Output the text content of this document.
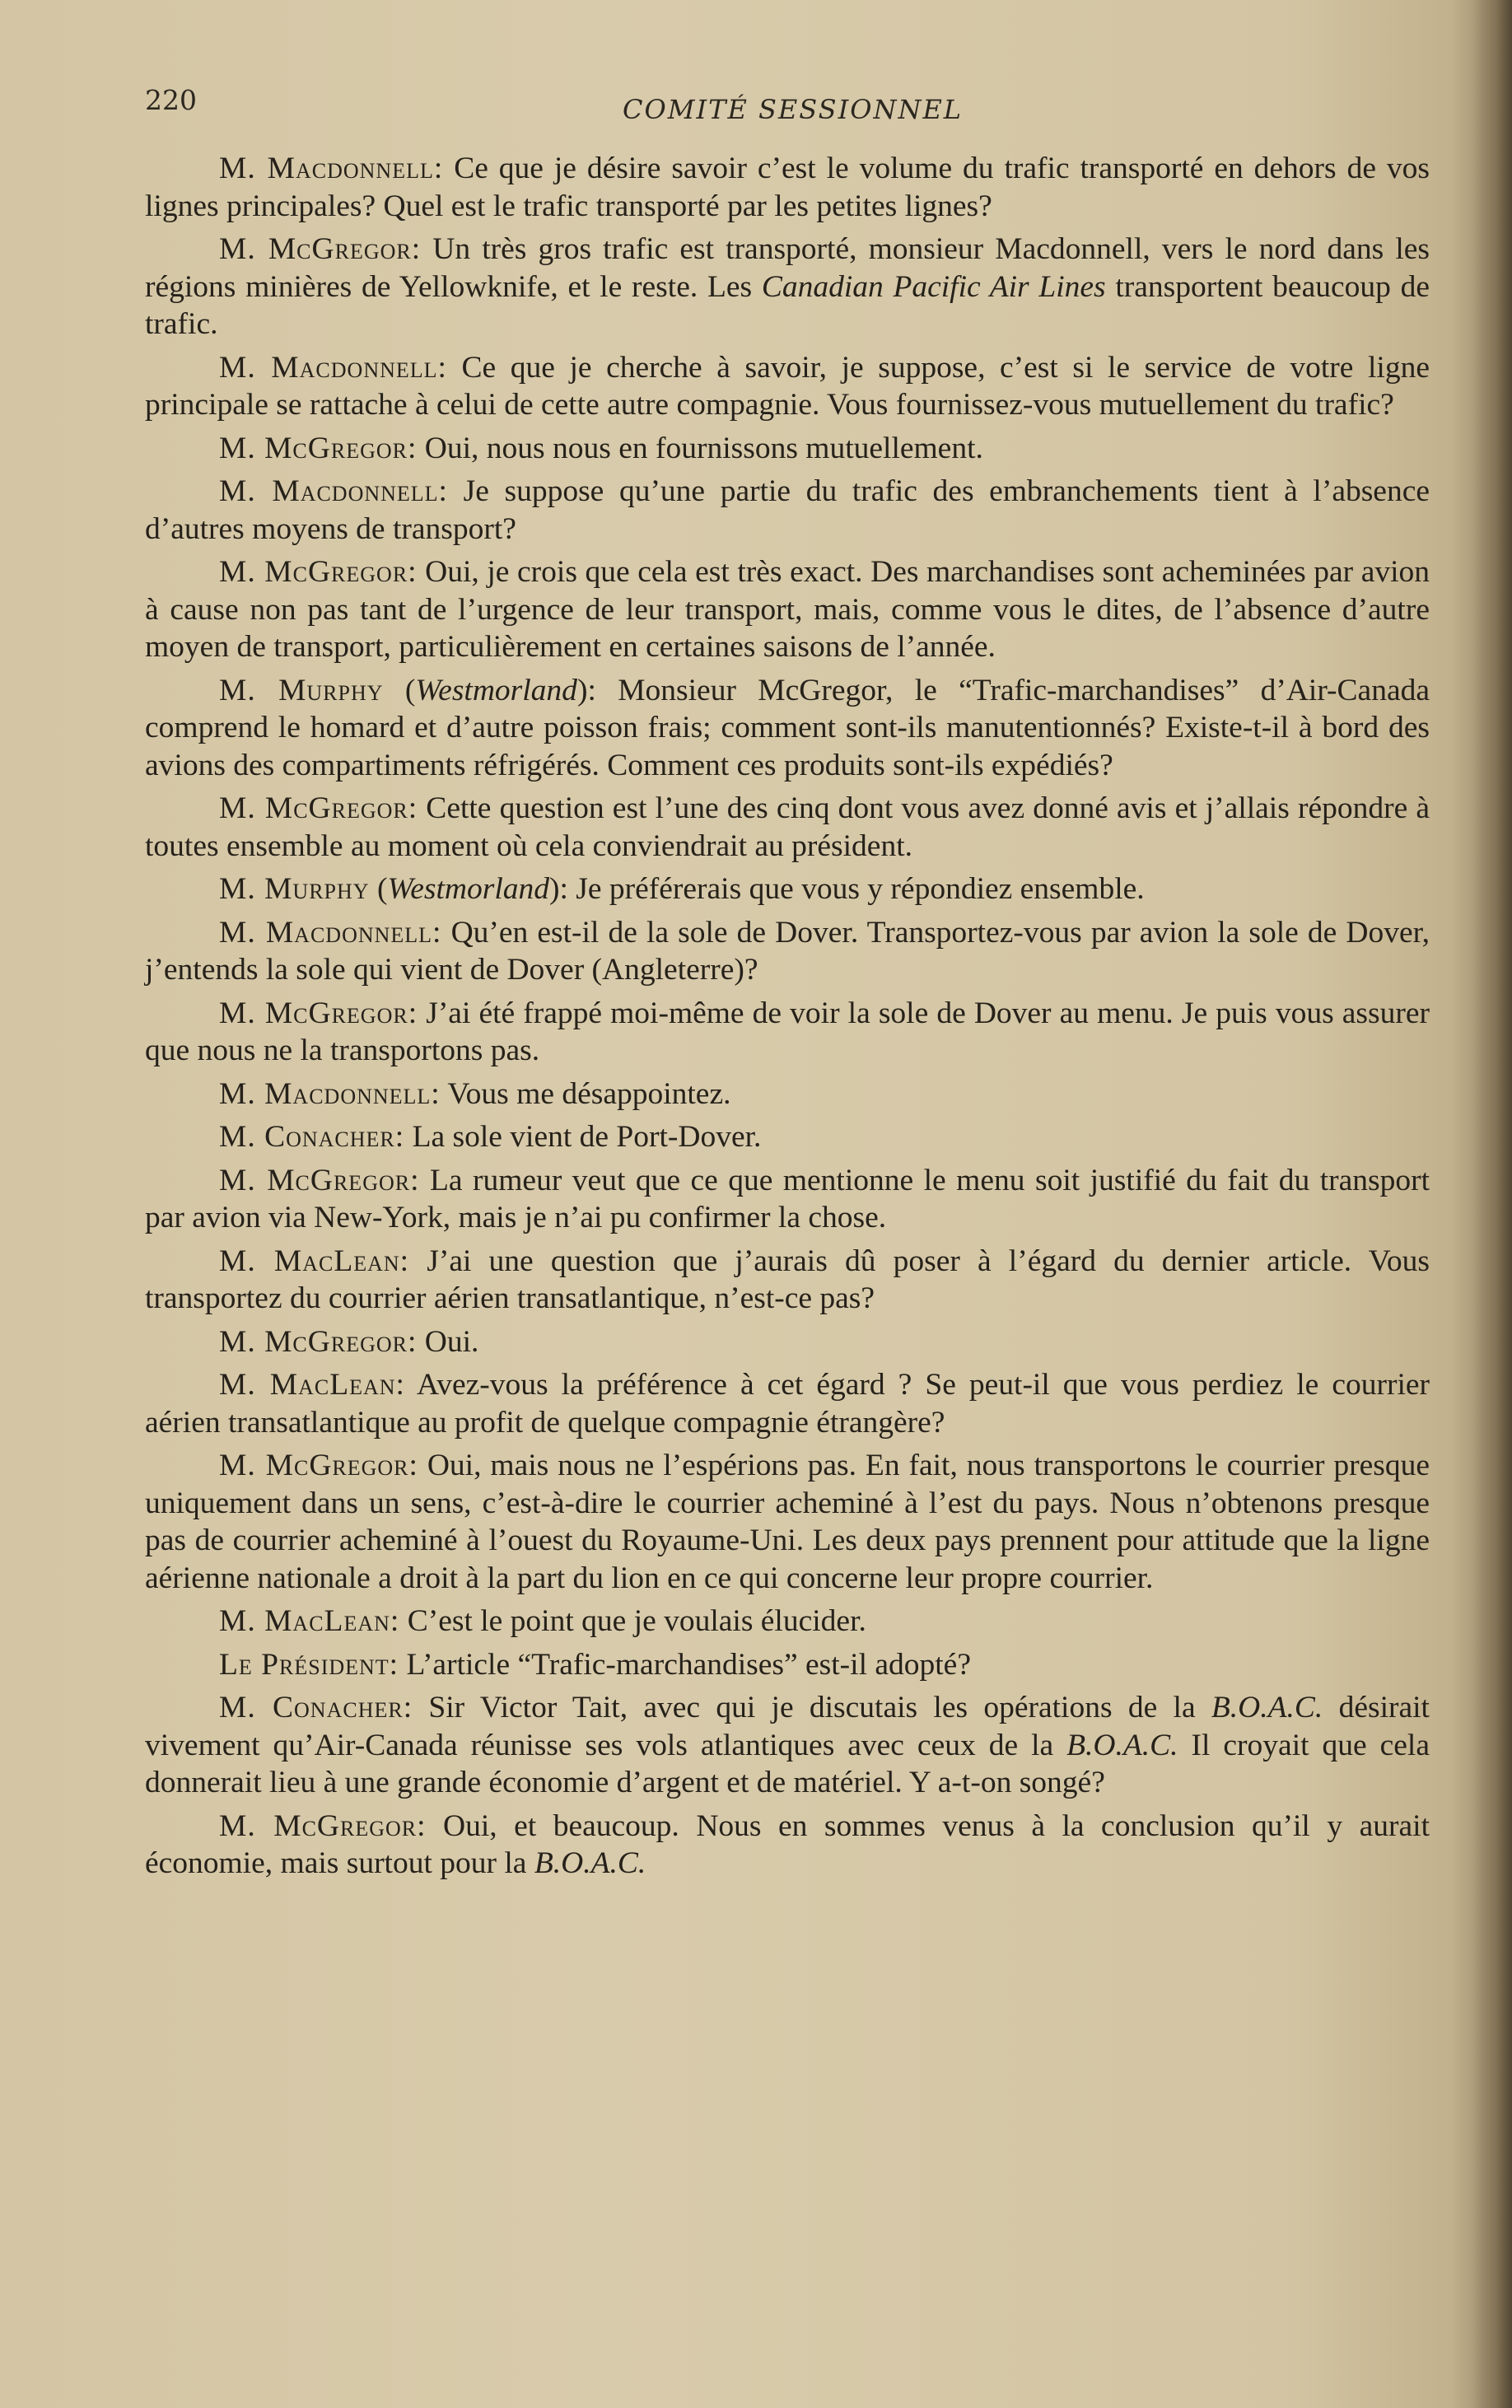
220	COMITÉ SESSIONNEL

M. Macdonnell: Ce que je désire savoir c’est le volume du trafic transporté en dehors de vos lignes principales? Quel est le trafic transporté par les petites lignes?

M. McGregor: Un très gros trafic est transporté, monsieur Macdonnell, vers le nord dans les régions minières de Yellowknife, et le reste. Les Canadian Pacific Air Lines transportent beaucoup de trafic.

M. Macdonnell: Ce que je cherche à savoir, je suppose, c’est si le service de votre ligne principale se rattache à celui de cette autre compagnie. Vous fournissez-vous mutuellement du trafic?

M. McGregor: Oui, nous nous en fournissons mutuellement.

M. Macdonnell: Je suppose qu’une partie du trafic des embranchements tient à l’absence d’autres moyens de transport?

M. McGregor: Oui, je crois que cela est très exact. Des marchandises sont acheminées par avion à cause non pas tant de l’urgence de leur transport, mais, comme vous le dites, de l’absence d’autre moyen de transport, particulièrement en certaines saisons de l’année.

M. Murphy (Westmorland): Monsieur McGregor, le “Trafic-marchandises” d’Air-Canada comprend le homard et d’autre poisson frais; comment sont-ils manutentionnés? Existe-t-il à bord des avions des compartiments réfrigérés. Comment ces produits sont-ils expédiés?

M. McGregor: Cette question est l’une des cinq dont vous avez donné avis et j’allais répondre à toutes ensemble au moment où cela conviendrait au président.

M. Murphy (Westmorland): Je préférerais que vous y répondiez ensemble.

M. Macdonnell: Qu’en est-il de la sole de Dover. Transportez-vous par avion la sole de Dover, j’entends la sole qui vient de Dover (Angleterre)?

M. McGregor: J’ai été frappé moi-même de voir la sole de Dover au menu. Je puis vous assurer que nous ne la transportons pas.

M. Macdonnell: Vous me désappointez.

M. Conacher: La sole vient de Port-Dover.

M. McGregor: La rumeur veut que ce que mentionne le menu soit justifié du fait du transport par avion via New-York, mais je n’ai pu confirmer la chose.

M. MacLean: J’ai une question que j’aurais dû poser à l’égard du dernier article. Vous transportez du courrier aérien transatlantique, n’est-ce pas?

M. McGregor: Oui.

M. MacLean: Avez-vous la préférence à cet égard ? Se peut-il que vous perdiez le courrier aérien transatlantique au profit de quelque compagnie étrangère?

M. McGregor: Oui, mais nous ne l’espérions pas. En fait, nous transportons le courrier presque uniquement dans un sens, c’est-à-dire le courrier acheminé à l’est du pays. Nous n’obtenons presque pas de courrier acheminé à l’ouest du Royaume-Uni. Les deux pays prennent pour attitude que la ligne aérienne nationale a droit à la part du lion en ce qui concerne leur propre courrier.

M. MacLean: C’est le point que je voulais élucider.

Le Président: L’article “Trafic-marchandises” est-il adopté?

M. Conacher: Sir Victor Tait, avec qui je discutais les opérations de la B.O.A.C. désirait vivement qu’Air-Canada réunisse ses vols atlantiques avec ceux de la B.O.A.C. Il croyait que cela donnerait lieu à une grande économie d’argent et de matériel. Y a-t-on songé?

M. McGregor: Oui, et beaucoup. Nous en sommes venus à la conclusion qu’il y aurait économie, mais surtout pour la B.O.A.C.
